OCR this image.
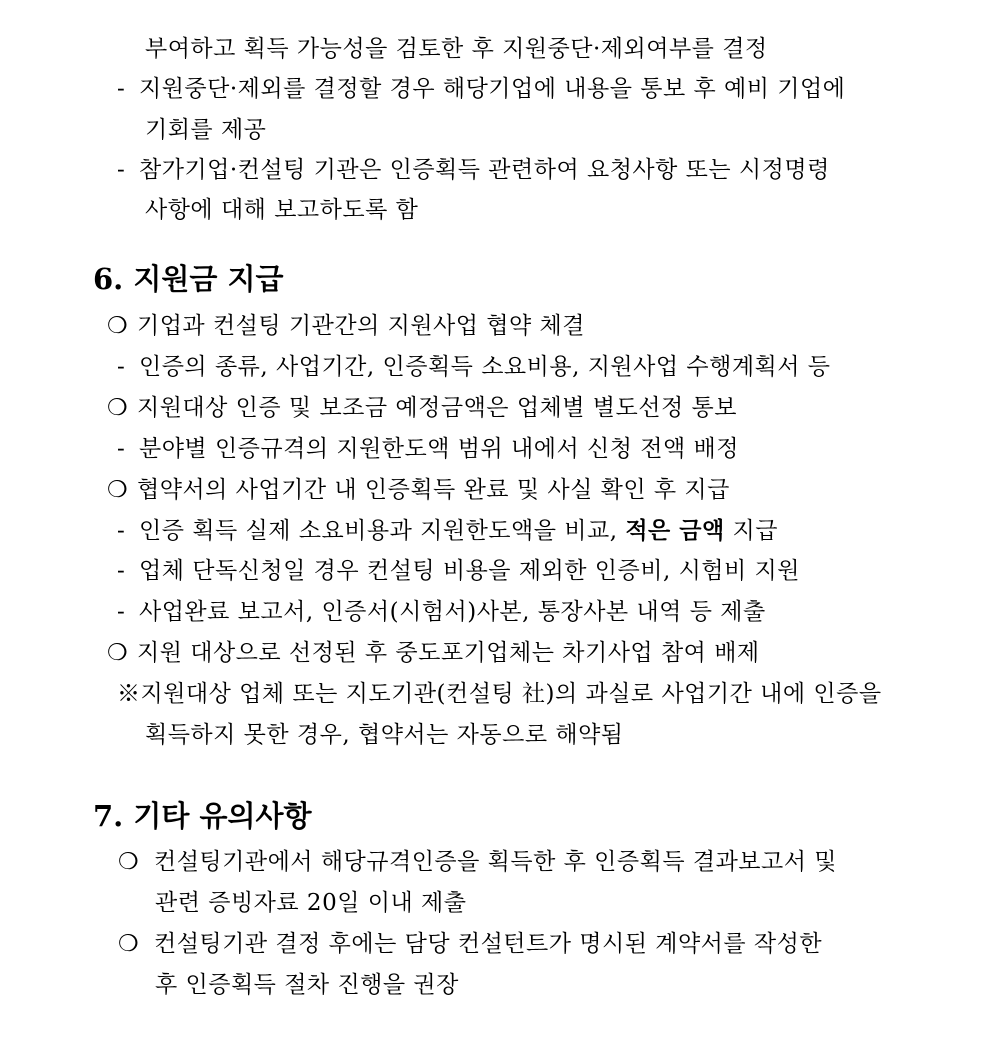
부여하고 획득 가능성을 검토한 후 지원중단·제외여부를 결정
- 지원중단·제외를 결정할 경우 해당기업에 내용을 통보 후 예비 기업에
기회를 제공
- 참가기업·컨설팅 기관은 인증획득 관련하여 요청사항 또는 시정명령
사항에 대해 보고하도록 함
6. 지원금 지급
❍ 기업과 컨설팅 기관간의 지원사업 협약 체결
- 인증의 종류, 사업기간, 인증획득 소요비용, 지원사업 수행계획서 등
❍ 지원대상 인증 및 보조금 예정금액은 업체별 별도선정 통보
- 분야별 인증규격의 지원한도액 범위 내에서 신청 전액 배정
❍ 협약서의 사업기간 내 인증획득 완료 및 사실 확인 후 지급
- 인증 획득 실제 소요비용과 지원한도액을 비교, 적은 금액 지급
- 업체 단독신청일 경우 컨설팅 비용을 제외한 인증비, 시험비 지원
- 사업완료 보고서, 인증서(시험서)사본, 통장사본 내역 등 제출
❍ 지원 대상으로 선정된 후 중도포기업체는 차기사업 참여 배제
※지원대상 업체 또는 지도기관(컨설팅 社)의 과실로 사업기간 내에 인증을
획득하지 못한 경우, 협약서는 자동으로 해약됨
7. 기타 유의사항
❍ 컨설팅기관에서 해당규격인증을 획득한 후 인증획득 결과보고서 및
관련 증빙자료 20일 이내 제출
❍ 컨설팅기관 결정 후에는 담당 컨설턴트가 명시된 계약서를 작성한
후 인증획득 절차 진행을 권장
